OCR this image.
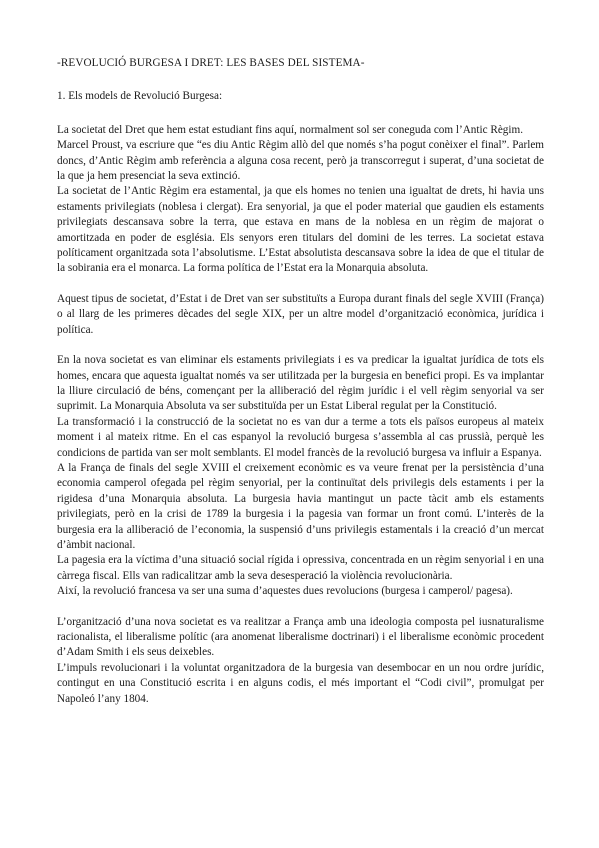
-REVOLUCIÓ BURGESA I DRET: LES BASES DEL SISTEMA-

1. Els models de Revolució Burgesa:

La societat del Dret que hem estat estudiant fins aquí, normalment sol ser coneguda com l’Antic Règim.

Marcel Proust, va escriure que “es diu Antic Règim allò del que només s’ha pogut conèixer el final”. Parlem doncs, d’Antic Règim amb referència a alguna cosa recent, però ja transcorregut i superat, d’una societat de la que ja hem presenciat la seva extinció.

La societat de l’Antic Règim era estamental, ja que els homes no tenien una igualtat de drets, hi havia uns estaments privilegiats (noblesa i clergat). Era senyorial, ja que el poder material que gaudien els estaments privilegiats descansava sobre la terra, que estava en mans de la noblesa en un règim de majorat o amortitzada en poder de església. Els senyors eren titulars del domini de les terres. La societat estava políticament organitzada sota l’absolutisme. L’Estat absolutista descansava sobre la idea de que el titular de la sobirania era el monarca. La forma política de l’Estat era la Monarquia absoluta.

Aquest tipus de societat, d’Estat i de Dret van ser substituïts a Europa durant finals del segle XVIII (França) o al llarg de les primeres dècades del segle XIX, per un altre model d’organització econòmica, jurídica i política.

En la nova societat es van eliminar els estaments privilegiats i es va predicar la igualtat jurídica de tots els homes, encara que aquesta igualtat només va ser utilitzada per la burgesia en benefici propi. Es va implantar la lliure circulació de béns, començant per la alliberació del règim jurídic i el vell règim senyorial va ser suprimit. La Monarquia Absoluta va ser substituïda per un Estat Liberal regulat per la Constitució.

La transformació i la construcció de la societat no es van dur a terme a tots els països europeus al mateix moment i al mateix ritme. En el cas espanyol la revolució burgesa s’assembla al cas prussià, perquè les condicions de partida van ser molt semblants. El model francès de la revolució burgesa va influir a Espanya.

A la França de finals del segle XVIII el creixement econòmic es va veure frenat per la persistència d’una economia camperol ofegada pel règim senyorial, per la continuïtat dels privilegis dels estaments i per la rigidesa d’una Monarquia absoluta. La burgesia havia mantingut un pacte tàcit amb els estaments privilegiats, però en la crisi de 1789 la burgesia i la pagesia van formar un front comú. L’interès de la burgesia era la alliberació de l’economia, la suspensió d’uns privilegis estamentals i la creació d’un mercat d’àmbit nacional.

La pagesia era la víctima d’una situació social rígida i opressiva, concentrada en un règim senyorial i en una càrrega fiscal. Ells van radicalitzar amb la seva desesperació la violència revolucionària.

Així, la revolució francesa va ser una suma d’aquestes dues revolucions (burgesa i camperol/ pagesa).

L’organització d’una nova societat es va realitzar a França amb una ideologia composta pel iusnaturalisme racionalista, el liberalisme polític (ara anomenat liberalisme doctrinari) i el liberalisme econòmic procedent d’Adam Smith i els seus deixebles.

L’impuls revolucionari i la voluntat organitzadora de la burgesia van desembocar en un nou ordre jurídic, contingut en una Constitució escrita i en alguns codis, el més important el “Codi civil”, promulgat per Napoleó l’any 1804.
